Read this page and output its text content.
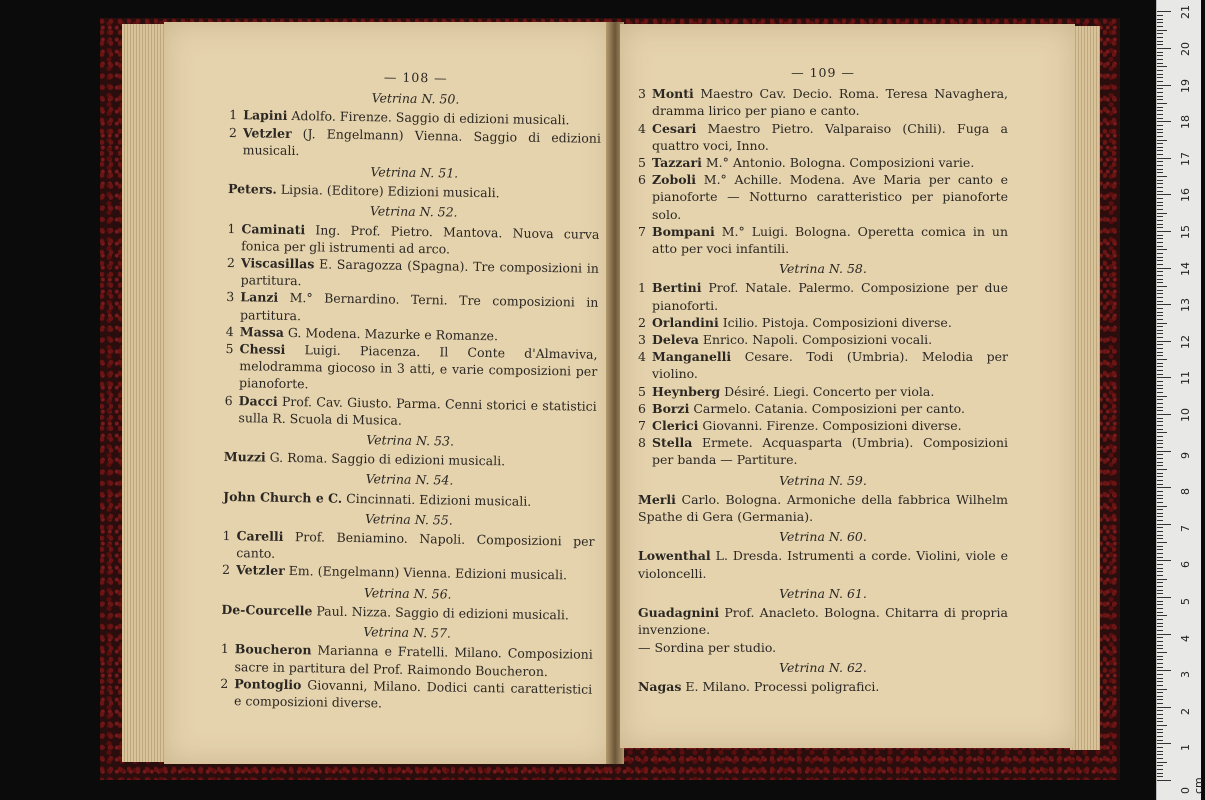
— 108 —
Vetrina N. 50.
1 Lapini Adolfo. Firenze. Saggio di edizioni musicali.
2 Vetzler (J. Engelmann) Vienna. Saggio di edizioni musicali.
Vetrina N. 51.
Peters. Lipsia. (Editore) Edizioni musicali.
Vetrina N. 52.
1 Caminati Ing. Prof. Pietro. Mantova. Nuova curva fonica per gli istrumenti ad arco.
2 Viscasillas E. Saragozza (Spagna). Tre composizioni in partitura.
3 Lanzi M.° Bernardino. Terni. Tre composizioni in partitura.
4 Massa G. Modena. Mazurke e Romanze.
5 Chessi Luigi. Piacenza. Il Conte d'Almaviva, melodramma giocoso in 3 atti, e varie composizioni per pianoforte.
6 Dacci Prof. Cav. Giusto. Parma. Cenni storici e statistici sulla R. Scuola di Musica.
Vetrina N. 53.
Muzzi G. Roma. Saggio di edizioni musicali.
Vetrina N. 54.
John Church e C. Cincinnati. Edizioni musicali.
Vetrina N. 55.
1 Carelli Prof. Beniamino. Napoli. Composizioni per canto.
2 Vetzler Em. (Engelmann) Vienna. Edizioni musicali.
Vetrina N. 56.
De-Courcelle Paul. Nizza. Saggio di edizioni musicali.
Vetrina N. 57.
1 Boucheron Marianna e Fratelli. Milano. Composizioni sacre in partitura del Prof. Raimondo Boucheron.
2 Pontoglio Giovanni, Milano. Dodici canti caratteristici e composizioni diverse.
— 109 —
3 Monti Maestro Cav. Decio. Roma. Teresa Navaghera, dramma lirico per piano e canto.
4 Cesari Maestro Pietro. Valparaiso (Chili). Fuga a quattro voci, Inno.
5 Tazzari M.° Antonio. Bologna. Composizioni varie.
6 Zoboli M.° Achille. Modena. Ave Maria per canto e pianoforte — Notturno caratteristico per pianoforte solo.
7 Bompani M.° Luigi. Bologna. Operetta comica in un atto per voci infantili.
Vetrina N. 58.
1 Bertini Prof. Natale. Palermo. Composizione per due pianoforti.
2 Orlandini Icilio. Pistoja. Composizioni diverse.
3 Deleva Enrico. Napoli. Composizioni vocali.
4 Manganelli Cesare. Todi (Umbria). Melodia per violino.
5 Heynberg Désiré. Liegi. Concerto per viola.
6 Borzi Carmelo. Catania. Composizioni per canto.
7 Clerici Giovanni. Firenze. Composizioni diverse.
8 Stella Ermete. Acquasparta (Umbria). Composizioni per banda — Partiture.
Vetrina N. 59.
Merli Carlo. Bologna. Armoniche della fabbrica Wilhelm Spathe di Gera (Germania).
Vetrina N. 60.
Lowenthal L. Dresda. Istrumenti a corde. Violini, viole e violoncelli.
Vetrina N. 61.
Guadagnini Prof. Anacleto. Bologna. Chitarra di propria invenzione.
— Sordina per studio.
Vetrina N. 62.
Nagas E. Milano. Processi poligrafici.
0 cm
1
2
3
4
5
6
7
8
9
10
11
12
13
14
15
16
17
18
19
20
21
